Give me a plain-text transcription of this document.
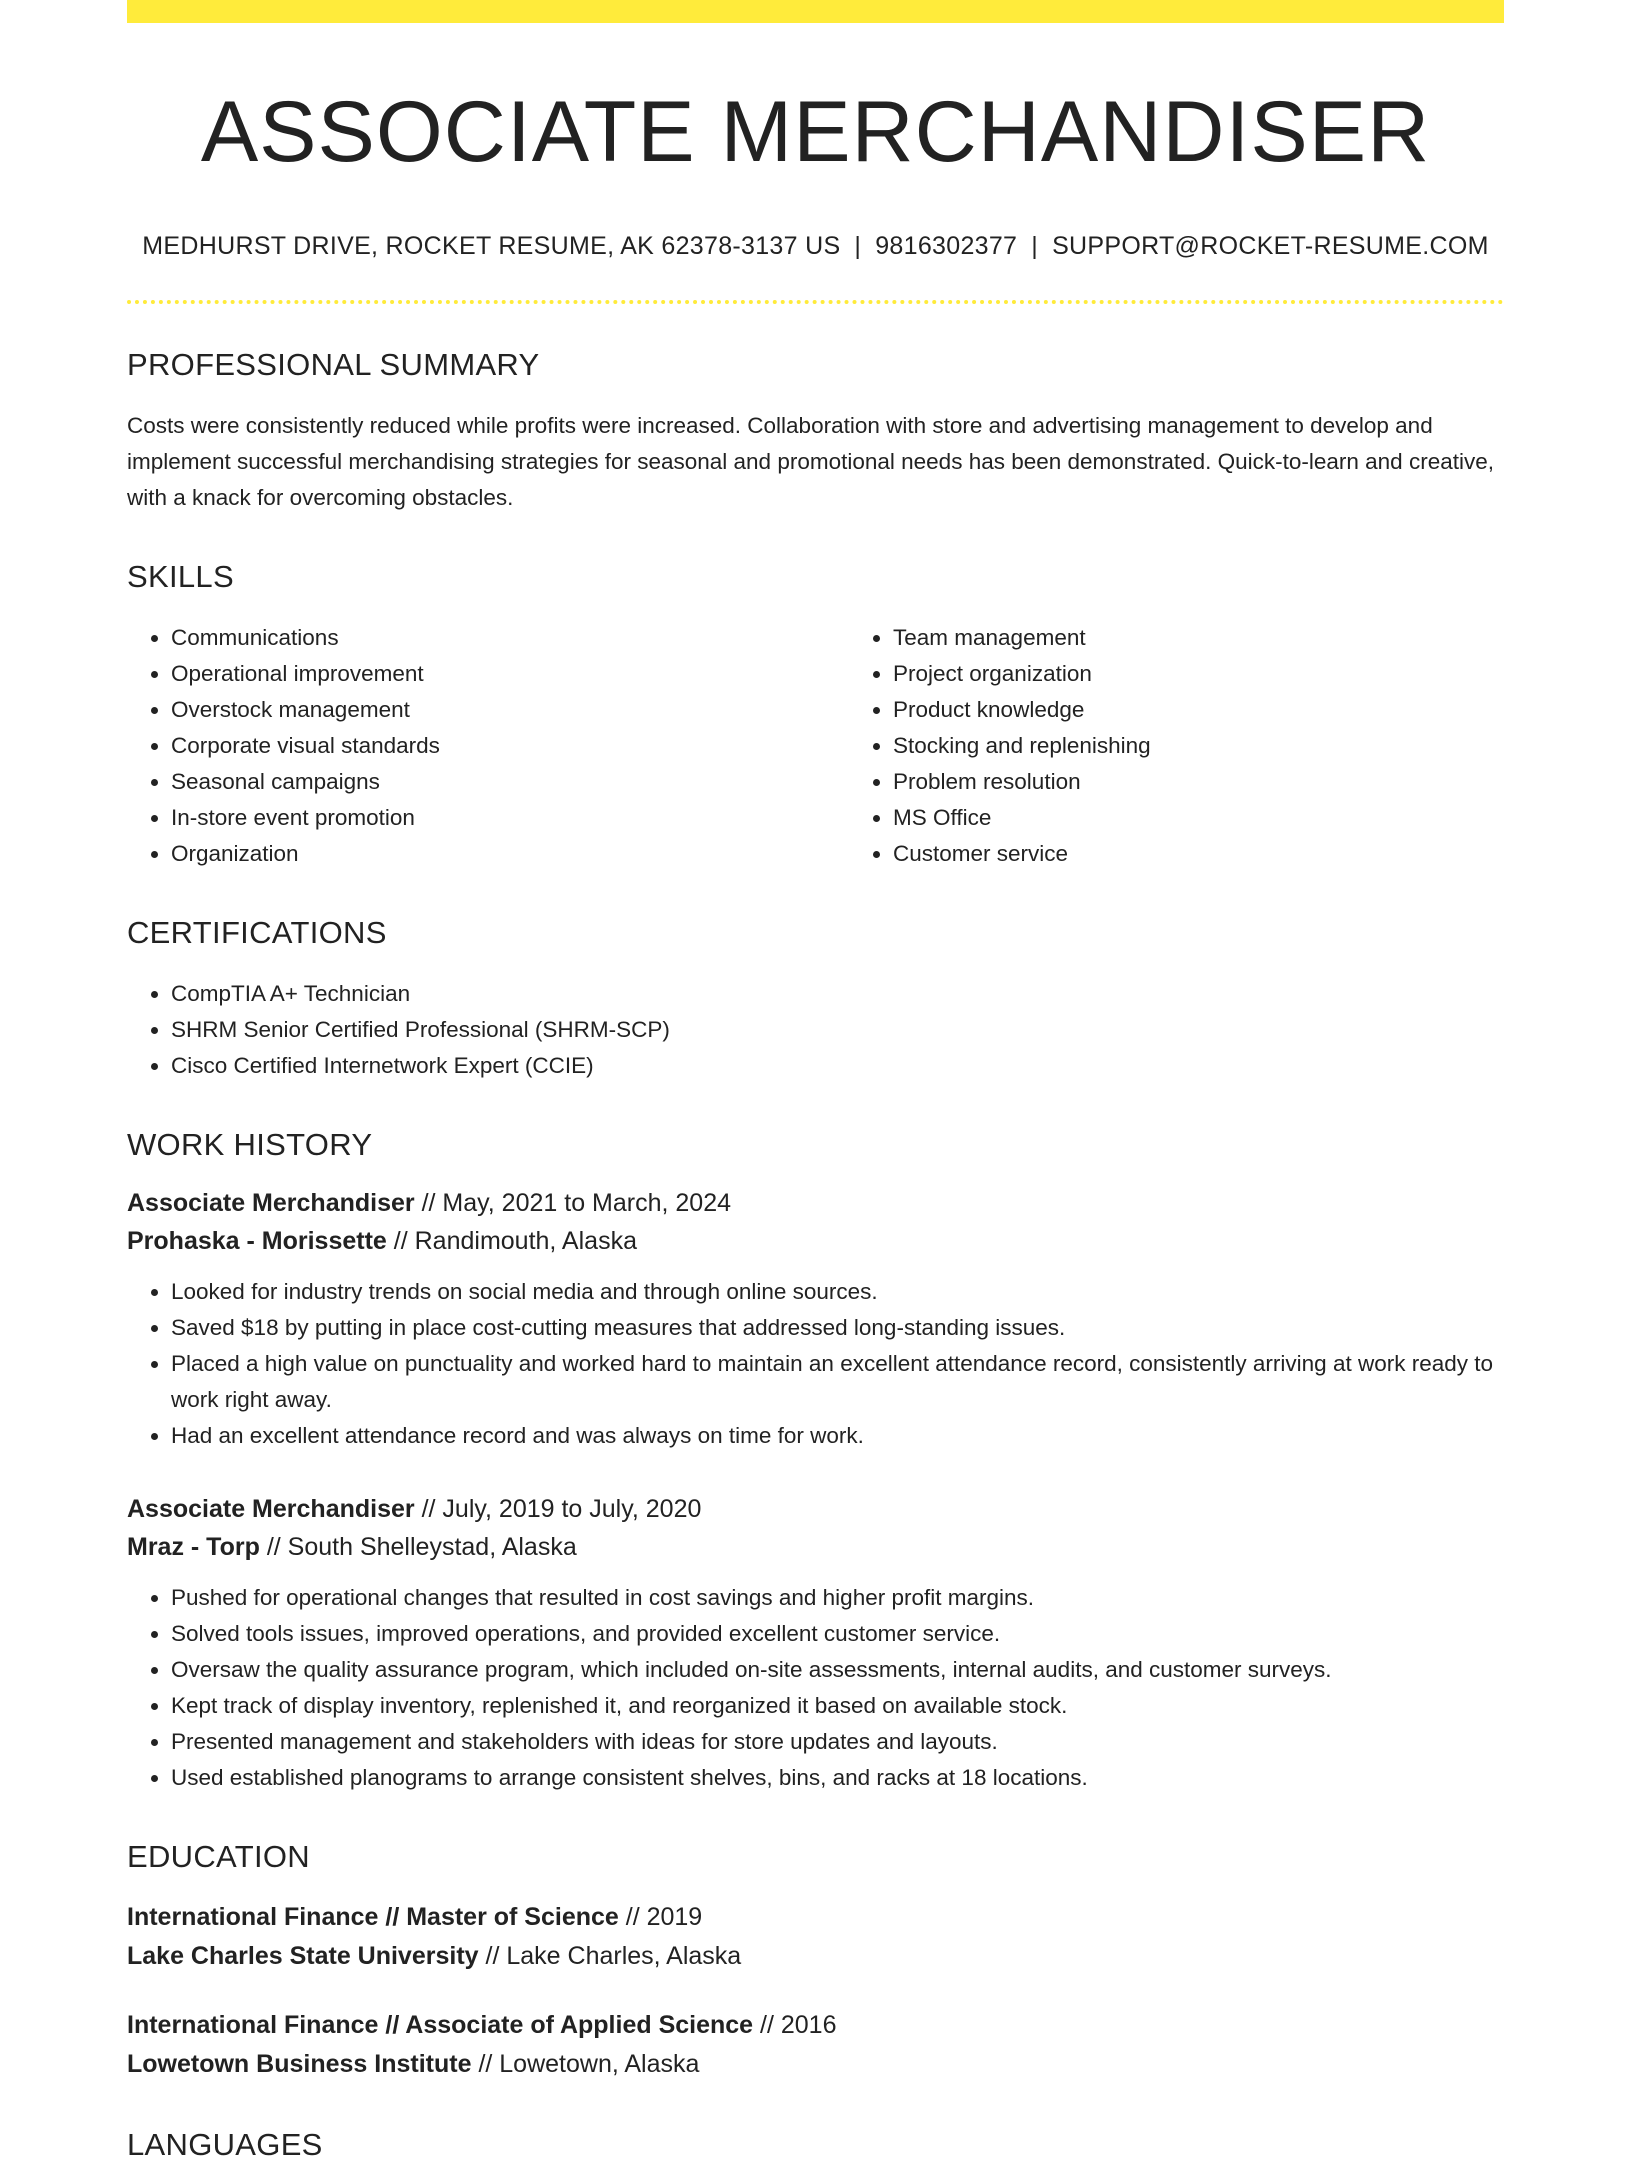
ASSOCIATE MERCHANDISER
MEDHURST DRIVE, ROCKET RESUME, AK 62378-3137 US | 9816302377 | SUPPORT@ROCKET-RESUME.COM
PROFESSIONAL SUMMARY
Costs were consistently reduced while profits were increased. Collaboration with store and advertising management to develop and implement successful merchandising strategies for seasonal and promotional needs has been demonstrated. Quick-to-learn and creative, with a knack for overcoming obstacles.
SKILLS
• Communications
• Operational improvement
• Overstock management
• Corporate visual standards
• Seasonal campaigns
• In-store event promotion
• Organization
• Team management
• Project organization
• Product knowledge
• Stocking and replenishing
• Problem resolution
• MS Office
• Customer service
CERTIFICATIONS
• CompTIA A+ Technician
• SHRM Senior Certified Professional (SHRM-SCP)
• Cisco Certified Internetwork Expert (CCIE)
WORK HISTORY
Associate Merchandiser // May, 2021 to March, 2024
Prohaska - Morissette // Randimouth, Alaska
• Looked for industry trends on social media and through online sources.
• Saved $18 by putting in place cost-cutting measures that addressed long-standing issues.
• Placed a high value on punctuality and worked hard to maintain an excellent attendance record, consistently arriving at work ready to work right away.
• Had an excellent attendance record and was always on time for work.
Associate Merchandiser // July, 2019 to July, 2020
Mraz - Torp // South Shelleystad, Alaska
• Pushed for operational changes that resulted in cost savings and higher profit margins.
• Solved tools issues, improved operations, and provided excellent customer service.
• Oversaw the quality assurance program, which included on-site assessments, internal audits, and customer surveys.
• Kept track of display inventory, replenished it, and reorganized it based on available stock.
• Presented management and stakeholders with ideas for store updates and layouts.
• Used established planograms to arrange consistent shelves, bins, and racks at 18 locations.
EDUCATION
International Finance // Master of Science // 2019
Lake Charles State University // Lake Charles, Alaska
International Finance // Associate of Applied Science // 2016
Lowetown Business Institute // Lowetown, Alaska
LANGUAGES
